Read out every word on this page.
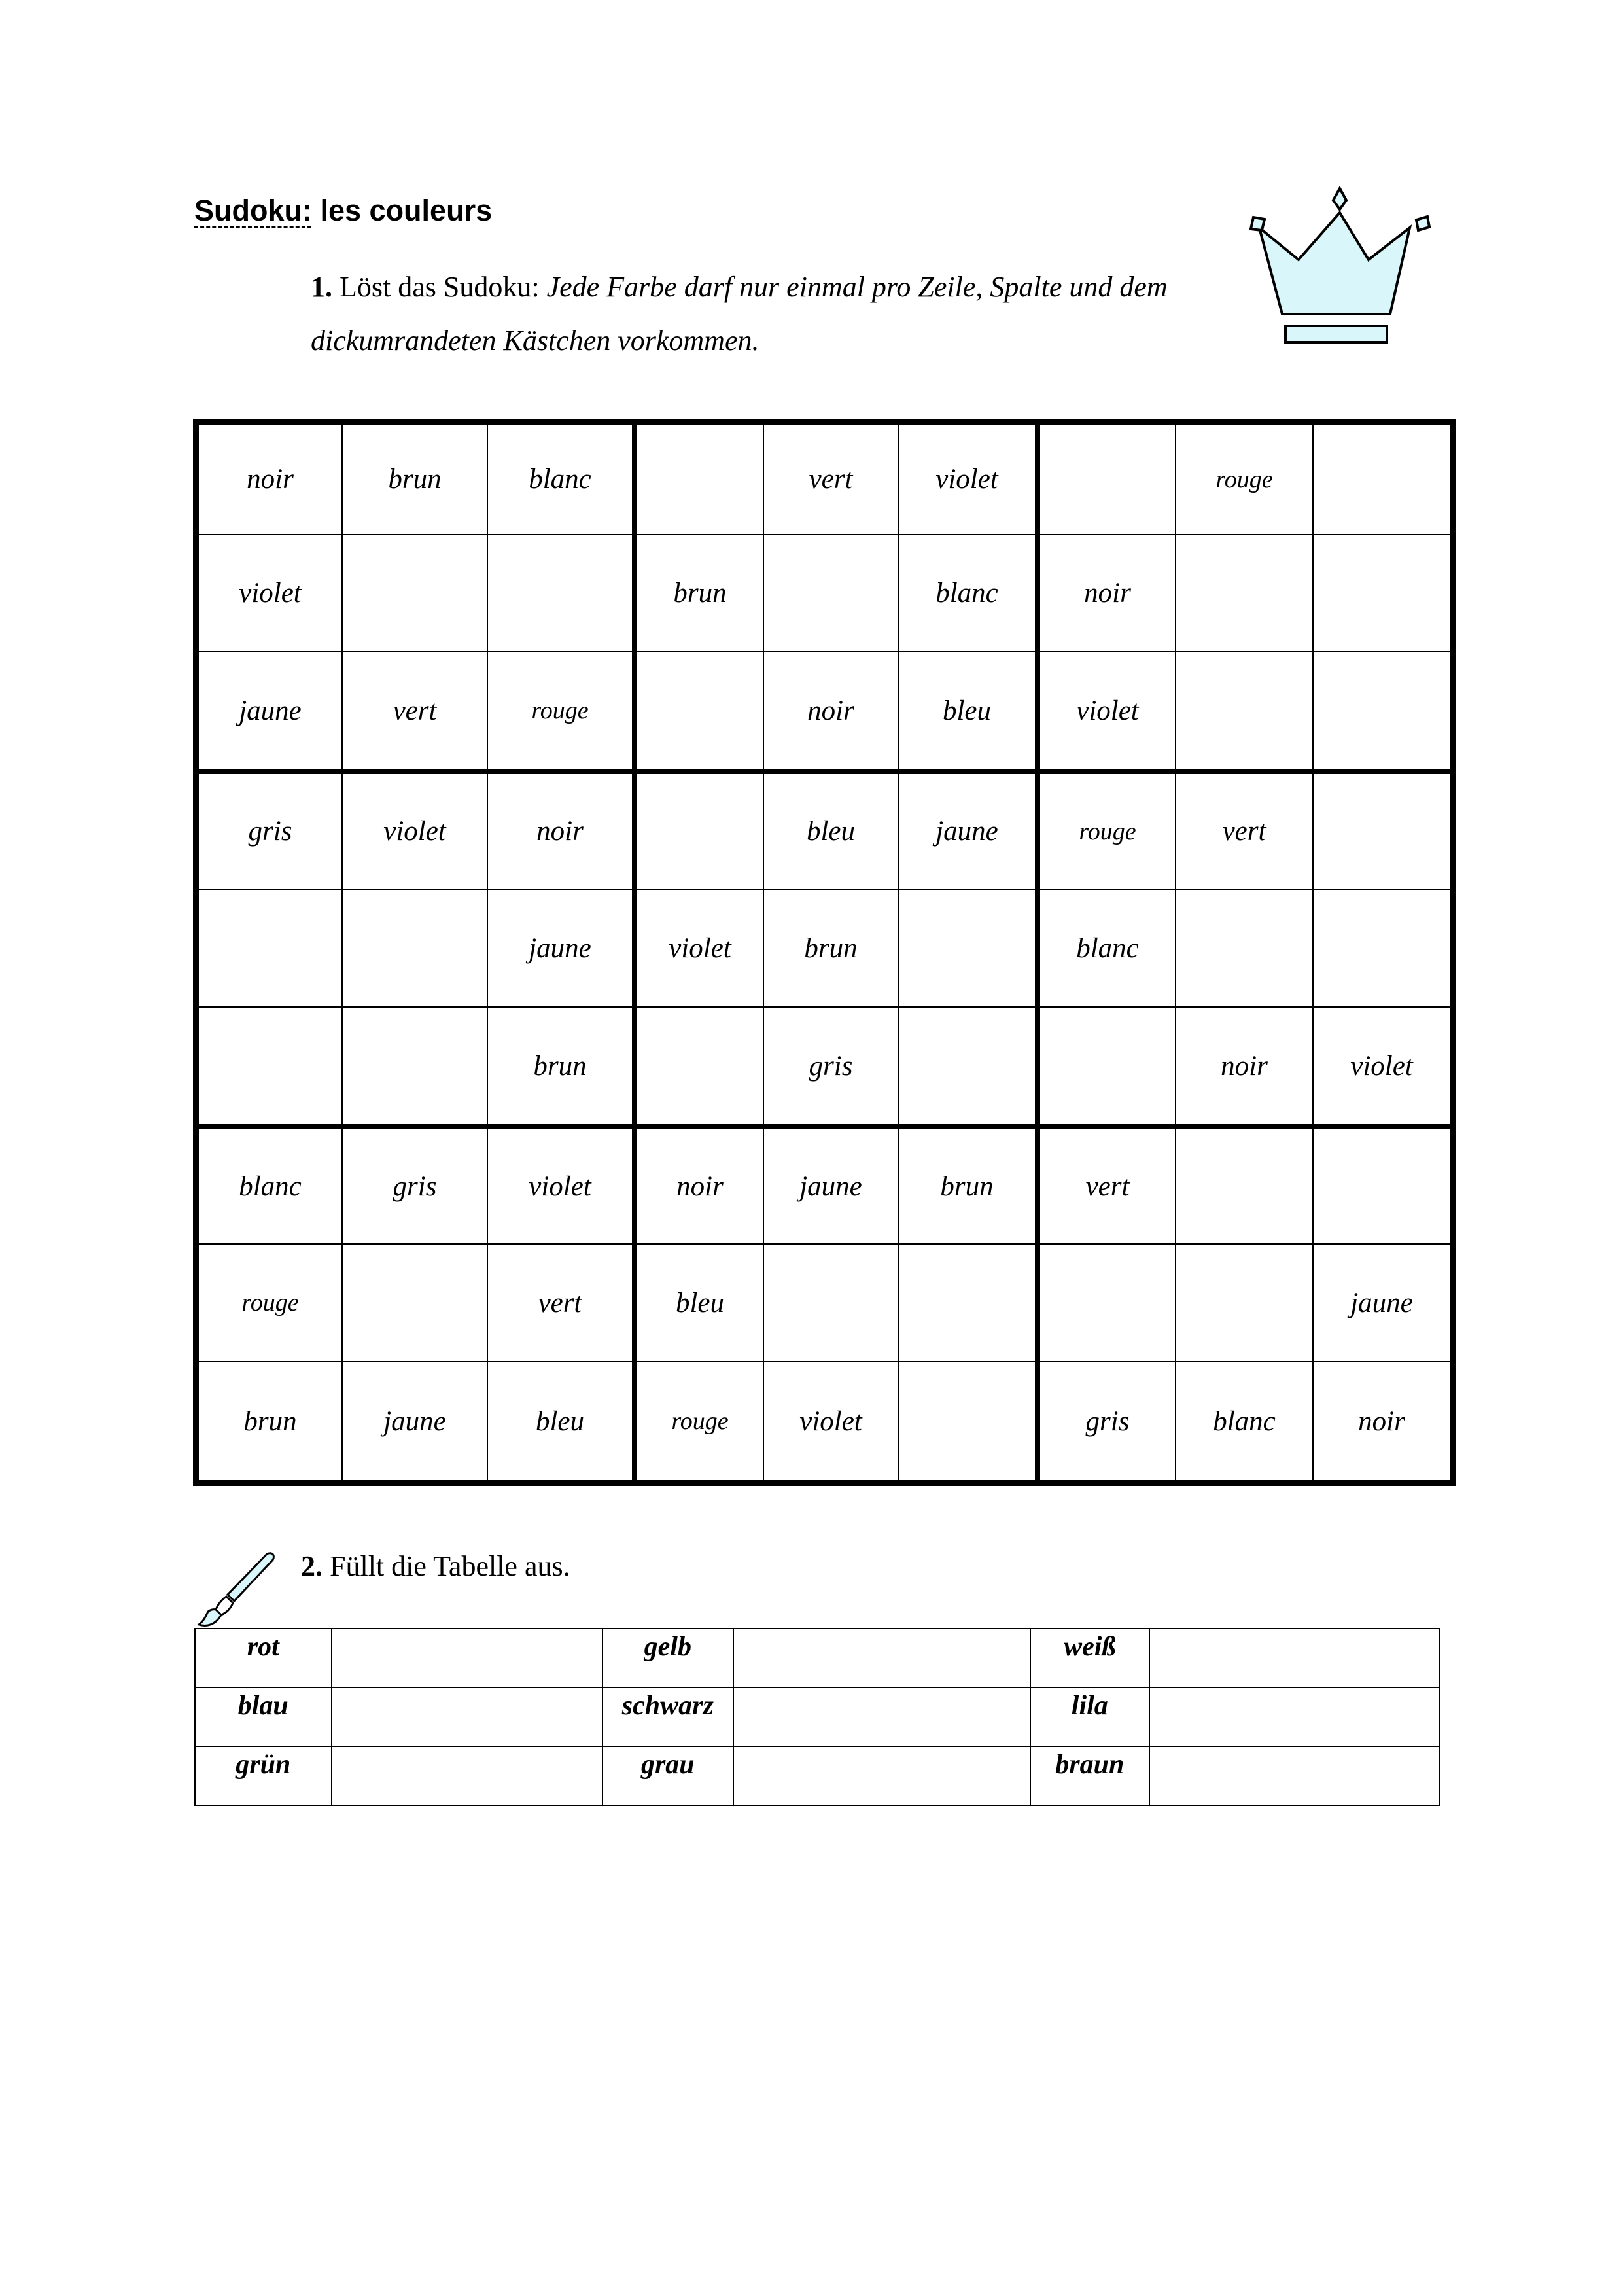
Sudoku: les couleurs
1. Löst das Sudoku: Jede Farbe darf nur einmal pro Zeile, Spalte und dem dickumrandeten Kästchen vorkommen.
noir	brun	blanc		vert	violet		rouge	
violet			brun		blanc	noir		
jaune	vert	rouge		noir	bleu	violet		
gris	violet	noir		bleu	jaune	rouge	vert	
		jaune	violet	brun		blanc		
		brun		gris			noir	violet
blanc	gris	violet	noir	jaune	brun	vert		
rouge		vert	bleu					jaune
brun	jaune	bleu	rouge	violet		gris	blanc	noir
2. Füllt die Tabelle aus.
rot		gelb		weiß	
blau		schwarz		lila	
grün		grau		braun	
